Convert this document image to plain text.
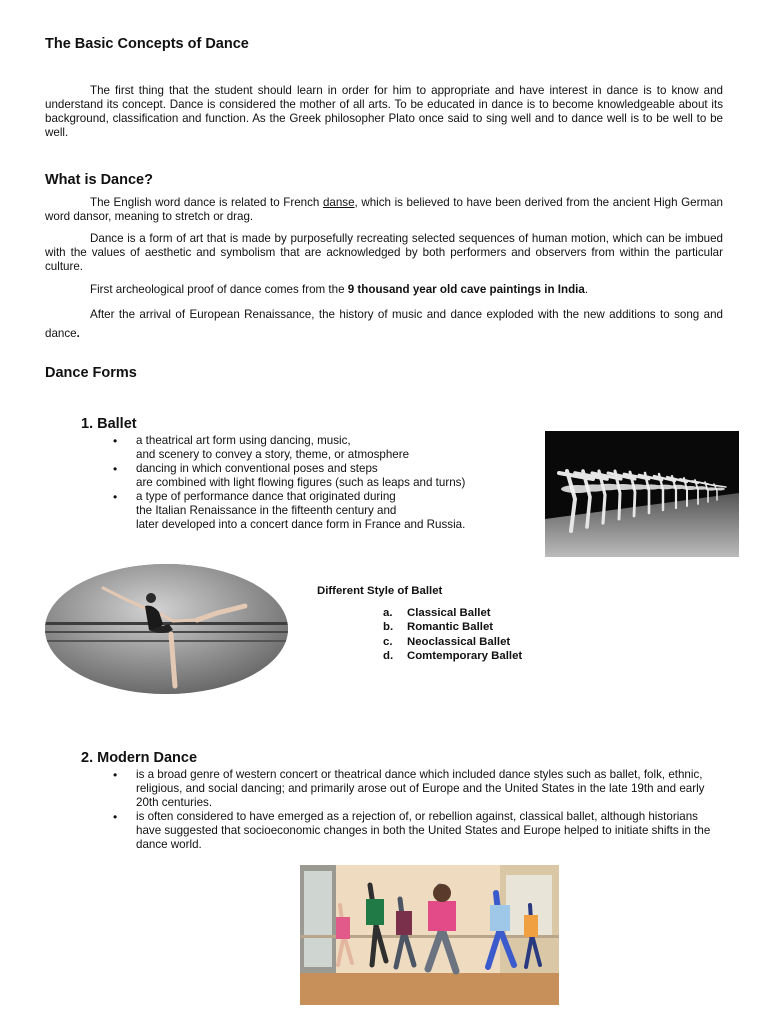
The Basic Concepts of Dance

The first thing that the student should learn in order for him to appropriate and have interest in dance is to know and understand its concept. Dance is considered the mother of all arts. To be educated in dance is to become knowledgeable about its background, classification and function. As the Greek philosopher Plato once said to sing well and to dance well is to be well to be well.

What is Dance?

The English word dance is related to French danse, which is believed to have been derived from the ancient High German word dansor, meaning to stretch or drag.

Dance is a form of art that is made by purposefully recreating selected sequences of human motion, which can be imbued with the values of aesthetic and symbolism that are acknowledged by both performers and observers from within the particular culture.

First archeological proof of dance comes from the 9 thousand year old cave paintings in India.

After the arrival of European Renaissance, the history of music and dance exploded with the new additions to song and dance.

Dance Forms
1. Ballet
• a theatrical art form using dancing, music,
and scenery to convey a story, theme, or atmosphere
• dancing in which conventional poses and steps
are combined with light flowing figures (such as leaps and turns)
• a type of performance dance that originated during
the Italian Renaissance in the fifteenth century and
later developed into a concert dance form in France and Russia.
Different Style of Ballet
a. Classical Ballet
b. Romantic Ballet
c. Neoclassical Ballet
d. Comtemporary Ballet
2. Modern Dance
• is a broad genre of western concert or theatrical dance which included dance styles such as ballet, folk, ethnic, religious, and social dancing; and primarily arose out of Europe and the United States in the late 19th and early 20th centuries.
• is often considered to have emerged as a rejection of, or rebellion against, classical ballet, although historians have suggested that socioeconomic changes in both the United States and Europe helped to initiate shifts in the dance world.
